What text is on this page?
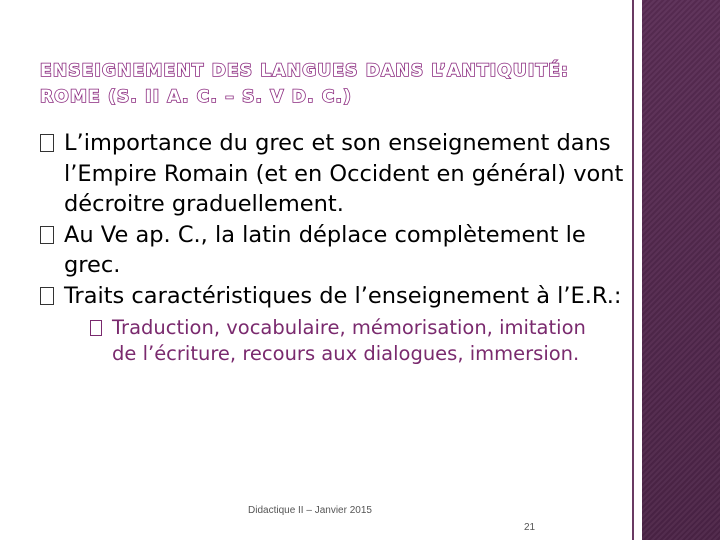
ENSEIGNEMENT DES LANGUES DANS L’ANTIQUITÉ:
ROME (S. II A. C. – S. V D. C.)

L’importance du grec et son enseignement dans l’Empire Romain (et en Occident en général) vont décroitre graduellement.

Au Ve ap. C., la latin déplace complètement le grec.

Traits caractéristiques de l’enseignement à l’E.R.:

Traduction, vocabulaire, mémorisation, imitation de l’écriture, recours aux dialogues, immersion.

Didactique II – Janvier 2015
21
